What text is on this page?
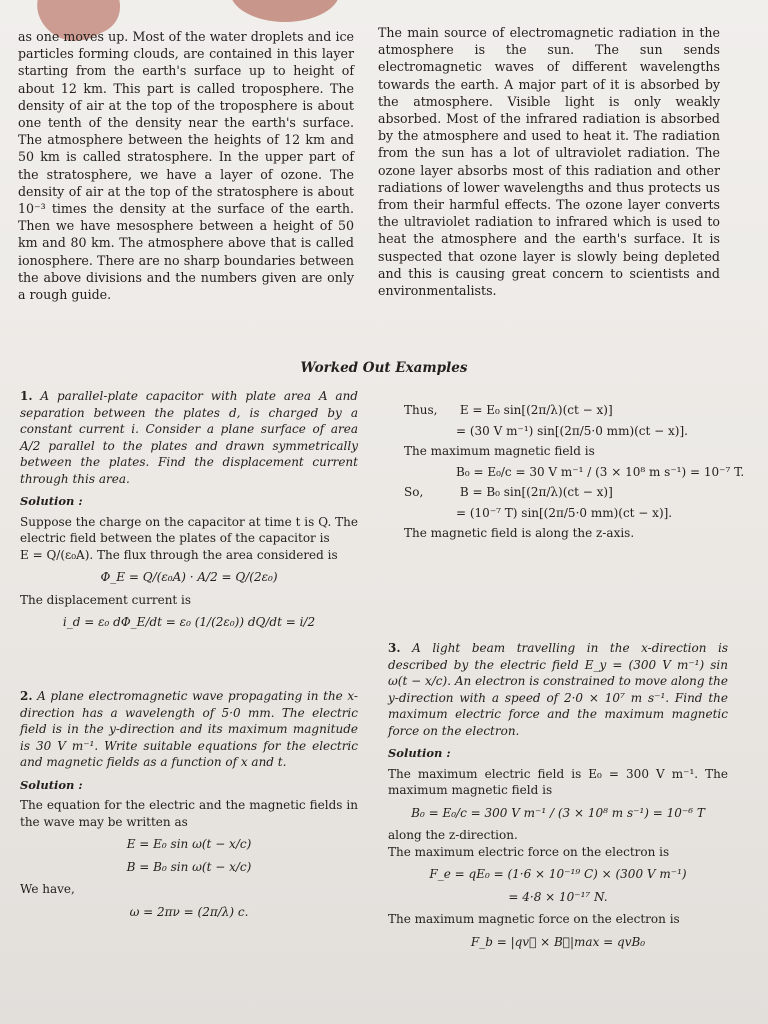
as one moves up. Most of the water droplets and ice particles forming clouds, are contained in this layer starting from the earth's surface up to height of about 12 km. This part is called troposphere. The density of air at the top of the troposphere is about one tenth of the density near the earth's surface. The atmosphere between the heights of 12 km and 50 km is called stratosphere. In the upper part of the stratosphere, we have a layer of ozone. The density of air at the top of the stratosphere is about 10⁻³ times the density at the surface of the earth. Then we have mesosphere between a height of 50 km and 80 km. The atmosphere above that is called ionosphere. There are no sharp boundaries between the above divisions and the numbers given are only a rough guide.

The main source of electromagnetic radiation in the atmosphere is the sun. The sun sends electromagnetic waves of different wavelengths towards the earth. A major part of it is absorbed by the atmosphere. Visible light is only weakly absorbed. Most of the infrared radiation is absorbed by the atmosphere and used to heat it. The radiation from the sun has a lot of ultraviolet radiation. The ozone layer absorbs most of this radiation and other radiations of lower wavelengths and thus protects us from their harmful effects. The ozone layer converts the ultraviolet radiation to infrared which is used to heat the atmosphere and the earth's surface. It is suspected that ozone layer is slowly being depleted and this is causing great concern to scientists and environmentalists.

Worked Out Examples
1. A parallel-plate capacitor with plate area A and separation between the plates d, is charged by a constant current i. Consider a plane surface of area A/2 parallel to the plates and drawn symmetrically between the plates. Find the displacement current through this area.
Solution :
Suppose the charge on the capacitor at time t is Q. The electric field between the plates of the capacitor is
E = Q/(ε₀A). The flux through the area considered is
Φ_E = Q/(ε₀A) · A/2 = Q/(2ε₀)
The displacement current is
i_d = ε₀ dΦ_E/dt = ε₀ (1/(2ε₀)) dQ/dt = i/2
2. A plane electromagnetic wave propagating in the x-direction has a wavelength of 5·0 mm. The electric field is in the y-direction and its maximum magnitude is 30 V m⁻¹. Write suitable equations for the electric and magnetic fields as a function of x and t.
Solution :
The equation for the electric and the magnetic fields in the wave may be written as
E = E₀ sin ω(t − x/c)
B = B₀ sin ω(t − x/c)
We have,
ω = 2πν = (2π/λ) c.
Thus, E = E₀ sin[(2π/λ)(ct − x)]
= (30 V m⁻¹) sin[(2π/5·0 mm)(ct − x)].
The maximum magnetic field is
B₀ = E₀/c = 30 V m⁻¹ / (3 × 10⁸ m s⁻¹) = 10⁻⁷ T.
So,	B = B₀ sin[(2π/λ)(ct − x)]
= (10⁻⁷ T) sin[(2π/5·0 mm)(ct − x)].
The magnetic field is along the z-axis.
3. A light beam travelling in the x-direction is described by the electric field E_y = (300 V m⁻¹) sin ω(t − x/c). An electron is constrained to move along the y-direction with a speed of 2·0 × 10⁷ m s⁻¹. Find the maximum electric force and the maximum magnetic force on the electron.
Solution :
The maximum electric field is E₀ = 300 V m⁻¹. The maximum magnetic field is
B₀ = E₀/c = 300 V m⁻¹ / (3 × 10⁸ m s⁻¹) = 10⁻⁶ T
along the z-direction.
The maximum electric force on the electron is
F_e = qE₀ = (1·6 × 10⁻¹⁹ C) × (300 V m⁻¹)
= 4·8 × 10⁻¹⁷ N.
The maximum magnetic force on the electron is
F_b = |qv⃗ × B⃗|max = qvB₀
